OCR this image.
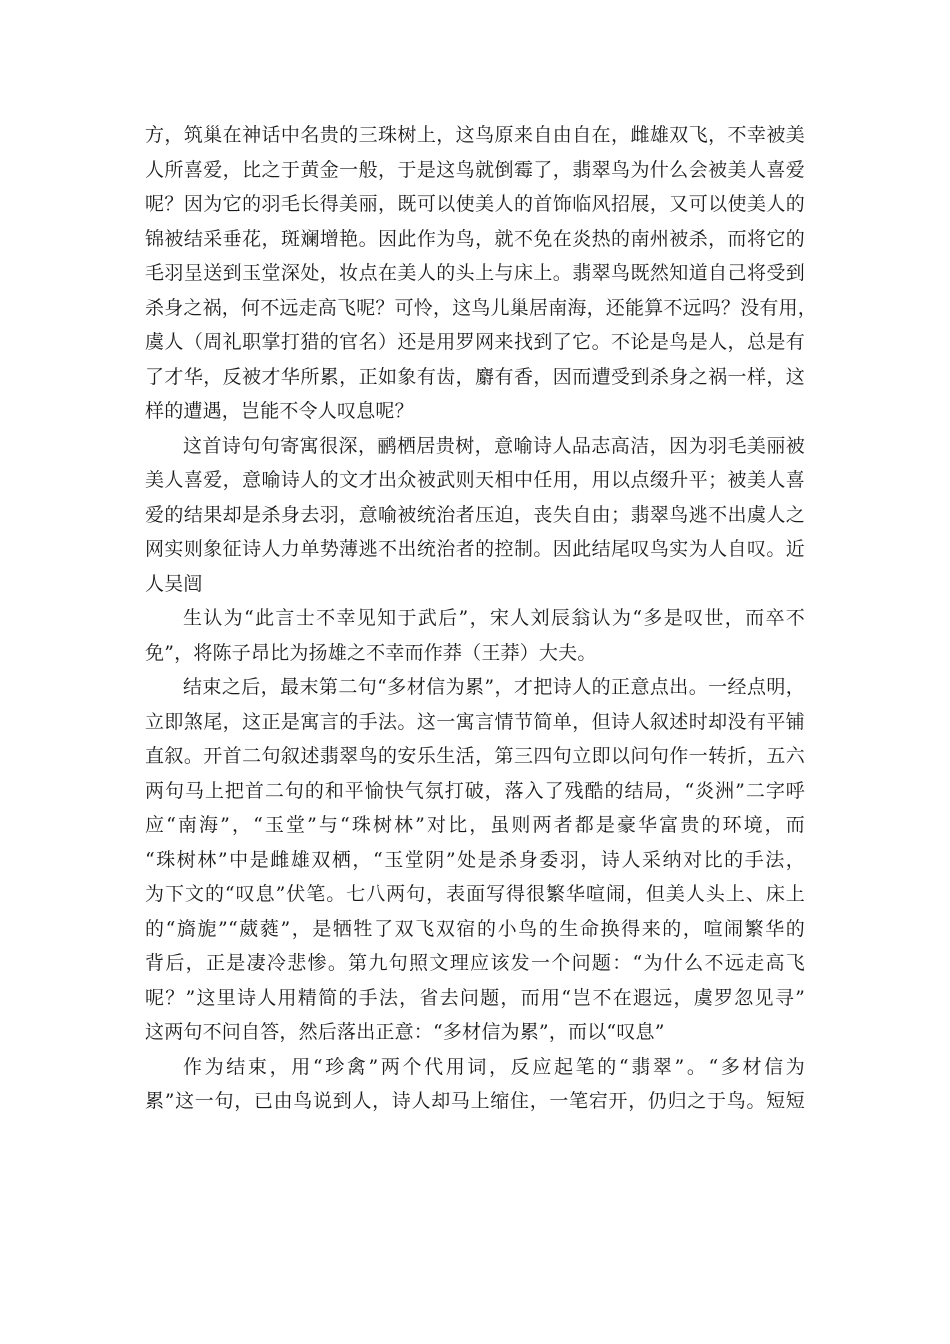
方，筑巢在神话中名贵的三珠树上，这鸟原来自由自在，雌雄双飞，不幸被美
人所喜爱，比之于黄金一般，于是这鸟就倒霉了，翡翠鸟为什么会被美人喜爱
呢？因为它的羽毛长得美丽，既可以使美人的首饰临风招展，又可以使美人的
锦被结采垂花，斑斓增艳。因此作为鸟，就不免在炎热的南州被杀，而将它的
毛羽呈送到玉堂深处，妆点在美人的头上与床上。翡翠鸟既然知道自己将受到
杀身之祸，何不远走高飞呢？可怜，这鸟儿巢居南海，还能算不远吗？没有用，
虞人（周礼职掌打猎的官名）还是用罗网来找到了它。不论是鸟是人，总是有
了才华，反被才华所累，正如象有齿，麝有香，因而遭受到杀身之祸一样，这
样的遭遇，岂能不令人叹息呢？
这首诗句句寄寓很深，鹂栖居贵树，意喻诗人品志高洁，因为羽毛美丽被
美人喜爱，意喻诗人的文才出众被武则天相中任用，用以点缀升平；被美人喜
爱的结果却是杀身去羽，意喻被统治者压迫，丧失自由；翡翠鸟逃不出虞人之
网实则象征诗人力单势薄逃不出统治者的控制。因此结尾叹鸟实为人自叹。近
人吴闿
生认为“此言士不幸见知于武后”，宋人刘辰翁认为“多是叹世，而卒不
免”，将陈子昂比为扬雄之不幸而作莽（王莽）大夫。
结束之后，最末第二句“多材信为累”，才把诗人的正意点出。一经点明，
立即煞尾，这正是寓言的手法。这一寓言情节简单，但诗人叙述时却没有平铺
直叙。开首二句叙述翡翠鸟的安乐生活，第三四句立即以问句作一转折，五六
两句马上把首二句的和平愉快气氛打破，落入了残酷的结局，“炎洲”二字呼
应“南海”，“玉堂”与“珠树林”对比，虽则两者都是豪华富贵的环境，而
“珠树林”中是雌雄双栖，“玉堂阴”处是杀身委羽，诗人采纳对比的手法，
为下文的“叹息”伏笔。七八两句，表面写得很繁华喧闹，但美人头上、床上
的“旖旎”“葳蕤”，是牺牲了双飞双宿的小鸟的生命换得来的，喧闹繁华的
背后，正是凄冷悲惨。第九句照文理应该发一个问题：“为什么不远走高飞
呢？”这里诗人用精简的手法，省去问题，而用“岂不在遐远，虞罗忽见寻”
这两句不问自答，然后落出正意：“多材信为累”，而以“叹息”
作为结束，用“珍禽”两个代用词，反应起笔的“翡翠”。“多材信为
累”这一句，已由鸟说到人，诗人却马上缩住，一笔宕开，仍归之于鸟。短短
